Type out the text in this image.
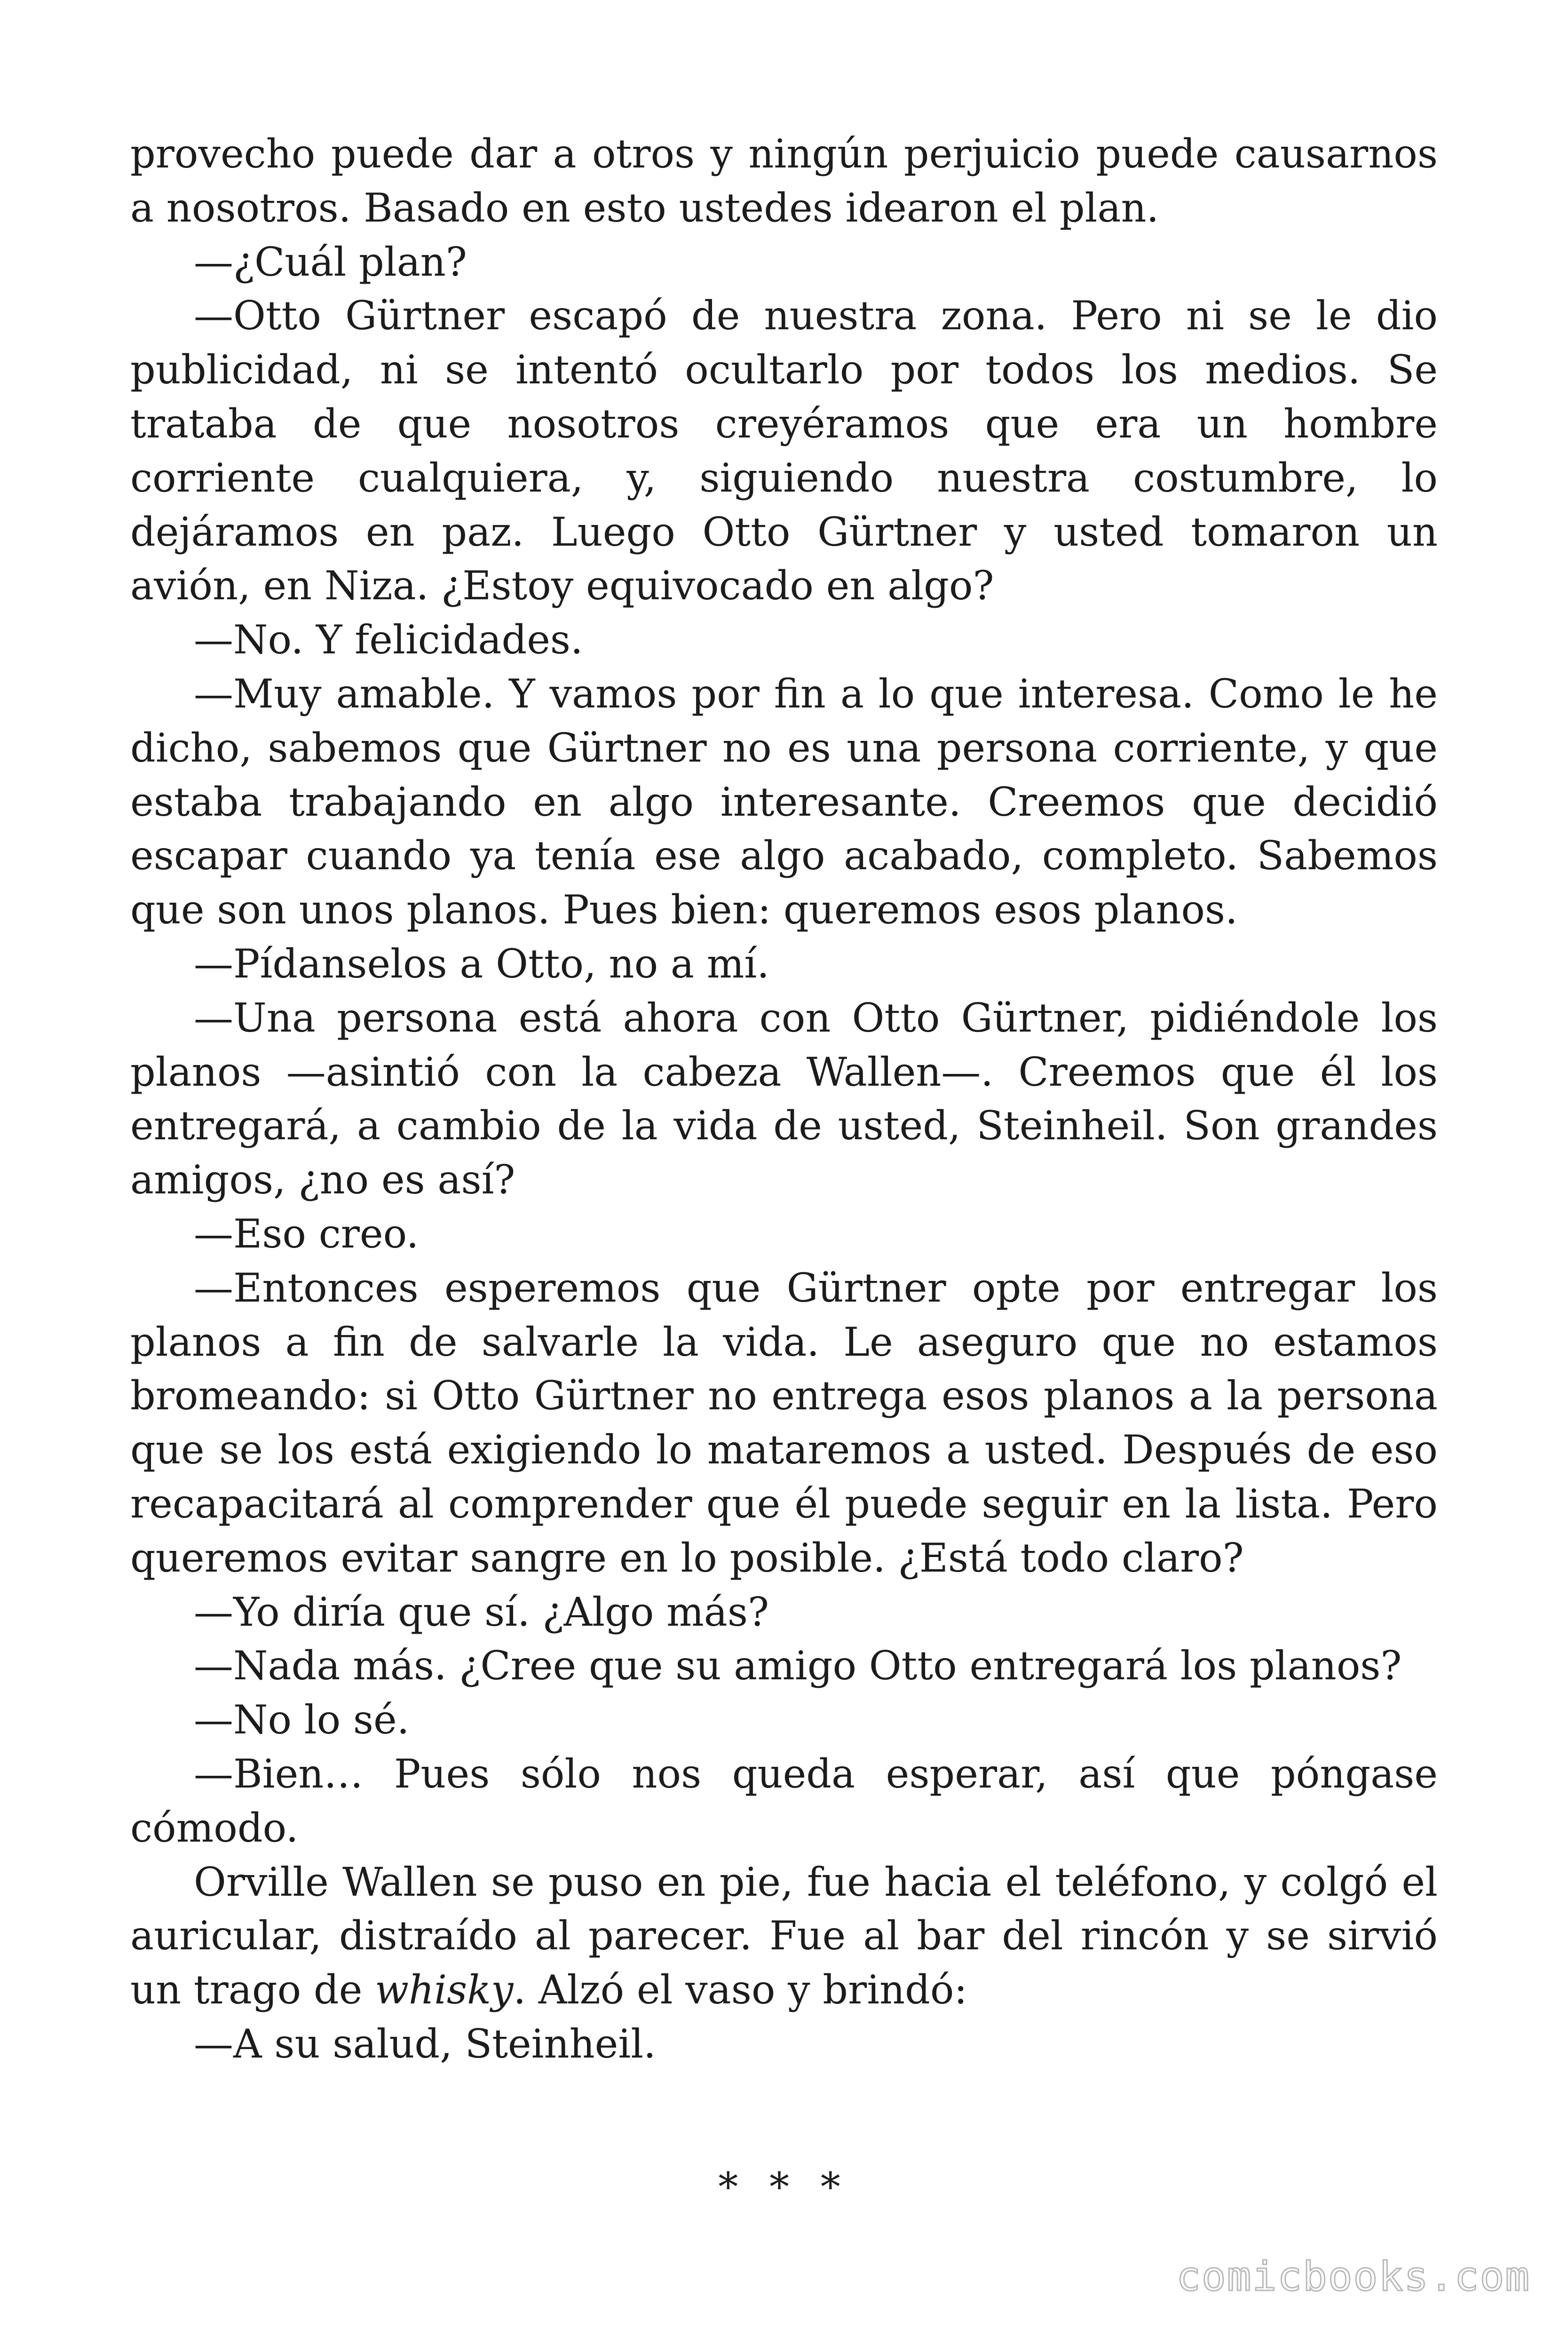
provecho puede dar a otros y ningún perjuicio puede causarnos a nosotros. Basado en esto ustedes idearon el plan.

—¿Cuál plan?

—Otto Gürtner escapó de nuestra zona. Pero ni se le dio publicidad, ni se intentó ocultarlo por todos los medios. Se trataba de que nosotros creyéramos que era un hombre corriente cualquiera, y, siguiendo nuestra costumbre, lo dejáramos en paz. Luego Otto Gürtner y usted tomaron un avión, en Niza. ¿Estoy equivocado en algo?

—No. Y felicidades.

—Muy amable. Y vamos por fin a lo que interesa. Como le he dicho, sabemos que Gürtner no es una persona corriente, y que estaba trabajando en algo interesante. Creemos que decidió escapar cuando ya tenía ese algo acabado, completo. Sabemos que son unos planos. Pues bien: queremos esos planos.

—Pídanselos a Otto, no a mí.

—Una persona está ahora con Otto Gürtner, pidiéndole los planos —asintió con la cabeza Wallen—. Creemos que él los entregará, a cambio de la vida de usted, Steinheil. Son grandes amigos, ¿no es así?

—Eso creo.

—Entonces esperemos que Gürtner opte por entregar los planos a fin de salvarle la vida. Le aseguro que no estamos bromeando: si Otto Gürtner no entrega esos planos a la persona que se los está exigiendo lo mataremos a usted. Después de eso recapacitará al comprender que él puede seguir en la lista. Pero queremos evitar sangre en lo posible. ¿Está todo claro?

—Yo diría que sí. ¿Algo más?

—Nada más. ¿Cree que su amigo Otto entregará los planos?

—No lo sé.

—Bien… Pues sólo nos queda esperar, así que póngase cómodo.

Orville Wallen se puso en pie, fue hacia el teléfono, y colgó el auricular, distraído al parecer. Fue al bar del rincón y se sirvió un trago de whisky. Alzó el vaso y brindó:

—A su salud, Steinheil.

* * *
comicbooks.com
